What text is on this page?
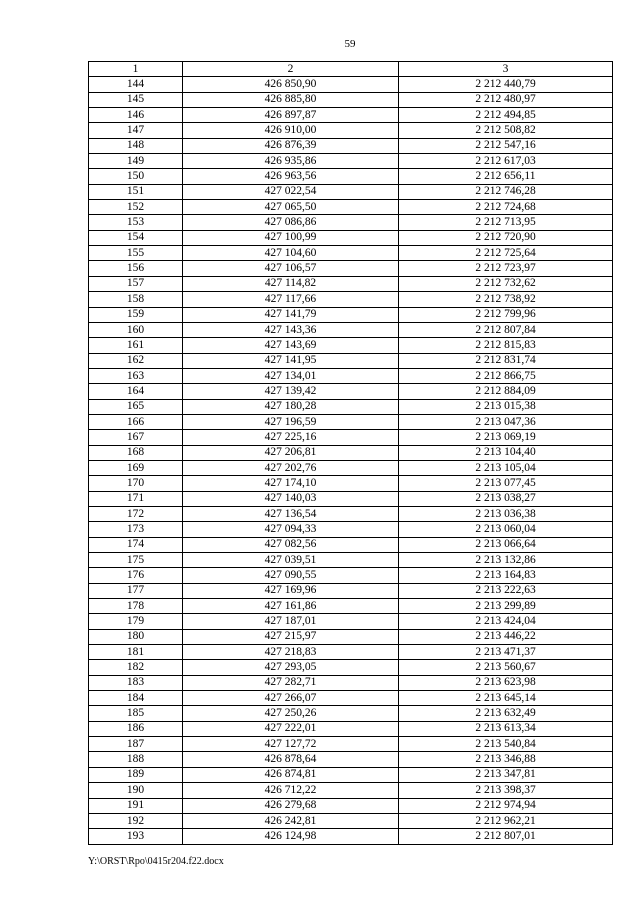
59
1	2	3
144	426 850,90	2 212 440,79
145	426 885,80	2 212 480,97
146	426 897,87	2 212 494,85
147	426 910,00	2 212 508,82
148	426 876,39	2 212 547,16
149	426 935,86	2 212 617,03
150	426 963,56	2 212 656,11
151	427 022,54	2 212 746,28
152	427 065,50	2 212 724,68
153	427 086,86	2 212 713,95
154	427 100,99	2 212 720,90
155	427 104,60	2 212 725,64
156	427 106,57	2 212 723,97
157	427 114,82	2 212 732,62
158	427 117,66	2 212 738,92
159	427 141,79	2 212 799,96
160	427 143,36	2 212 807,84
161	427 143,69	2 212 815,83
162	427 141,95	2 212 831,74
163	427 134,01	2 212 866,75
164	427 139,42	2 212 884,09
165	427 180,28	2 213 015,38
166	427 196,59	2 213 047,36
167	427 225,16	2 213 069,19
168	427 206,81	2 213 104,40
169	427 202,76	2 213 105,04
170	427 174,10	2 213 077,45
171	427 140,03	2 213 038,27
172	427 136,54	2 213 036,38
173	427 094,33	2 213 060,04
174	427 082,56	2 213 066,64
175	427 039,51	2 213 132,86
176	427 090,55	2 213 164,83
177	427 169,96	2 213 222,63
178	427 161,86	2 213 299,89
179	427 187,01	2 213 424,04
180	427 215,97	2 213 446,22
181	427 218,83	2 213 471,37
182	427 293,05	2 213 560,67
183	427 282,71	2 213 623,98
184	427 266,07	2 213 645,14
185	427 250,26	2 213 632,49
186	427 222,01	2 213 613,34
187	427 127,72	2 213 540,84
188	426 878,64	2 213 346,88
189	426 874,81	2 213 347,81
190	426 712,22	2 213 398,37
191	426 279,68	2 212 974,94
192	426 242,81	2 212 962,21
193	426 124,98	2 212 807,01
Y:\ORST\Rpo\0415r204.f22.docx
